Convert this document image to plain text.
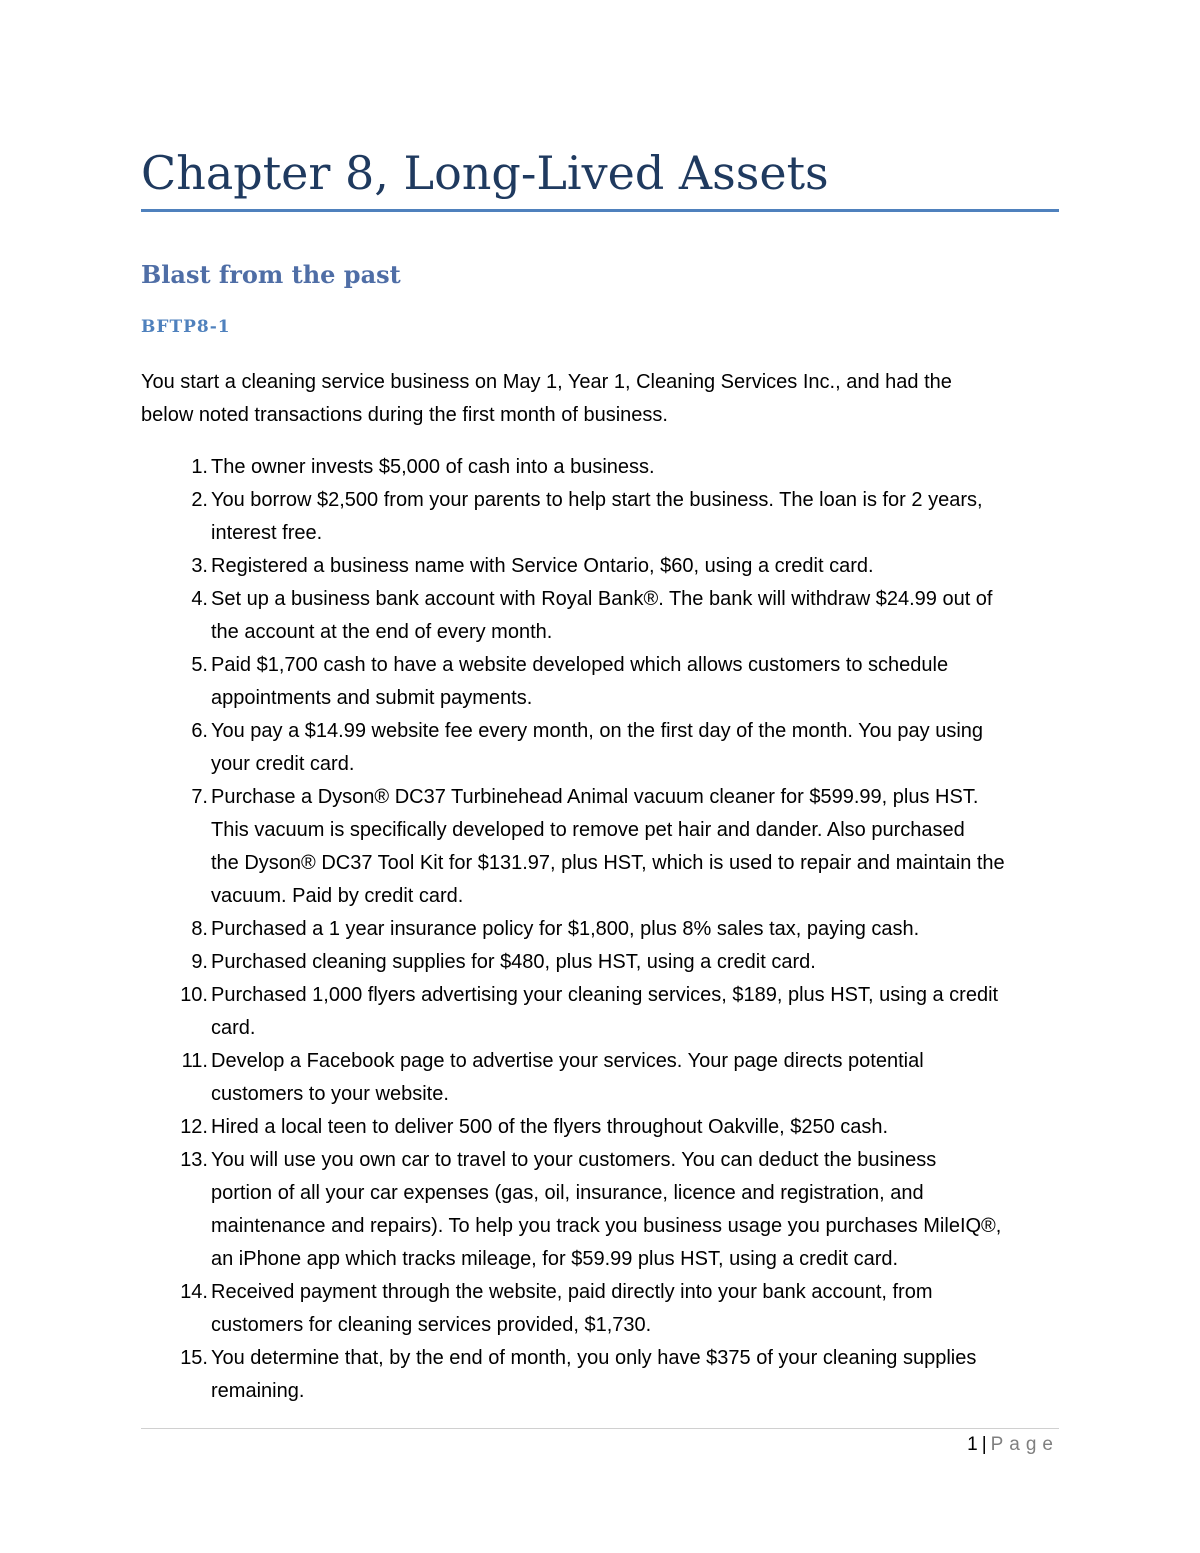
Chapter 8, Long-Lived Assets
Blast from the past
BFTP8-1

You start a cleaning service business on May 1, Year 1, Cleaning Services Inc., and had the
below noted transactions during the first month of business.

1. The owner invests $5,000 of cash into a business.
2. You borrow $2,500 from your parents to help start the business. The loan is for 2 years,
interest free.
3. Registered a business name with Service Ontario, $60, using a credit card.
4. Set up a business bank account with Royal Bank®. The bank will withdraw $24.99 out of
the account at the end of every month.
5. Paid $1,700 cash to have a website developed which allows customers to schedule
appointments and submit payments.
6. You pay a $14.99 website fee every month, on the first day of the month. You pay using
your credit card.
7. Purchase a Dyson® DC37 Turbinehead Animal vacuum cleaner for $599.99, plus HST.
This vacuum is specifically developed to remove pet hair and dander. Also purchased
the Dyson® DC37 Tool Kit for $131.97, plus HST, which is used to repair and maintain the
vacuum. Paid by credit card.
8. Purchased a 1 year insurance policy for $1,800, plus 8% sales tax, paying cash.
9. Purchased cleaning supplies for $480, plus HST, using a credit card.
10. Purchased 1,000 flyers advertising your cleaning services, $189, plus HST, using a credit
card.
11. Develop a Facebook page to advertise your services. Your page directs potential
customers to your website.
12. Hired a local teen to deliver 500 of the flyers throughout Oakville, $250 cash.
13. You will use you own car to travel to your customers. You can deduct the business
portion of all your car expenses (gas, oil, insurance, licence and registration, and
maintenance and repairs). To help you track you business usage you purchases MileIQ®,
an iPhone app which tracks mileage, for $59.99 plus HST, using a credit card.
14. Received payment through the website, paid directly into your bank account, from
customers for cleaning services provided, $1,730.
15. You determine that, by the end of month, you only have $375 of your cleaning supplies
remaining.
1 | Page
